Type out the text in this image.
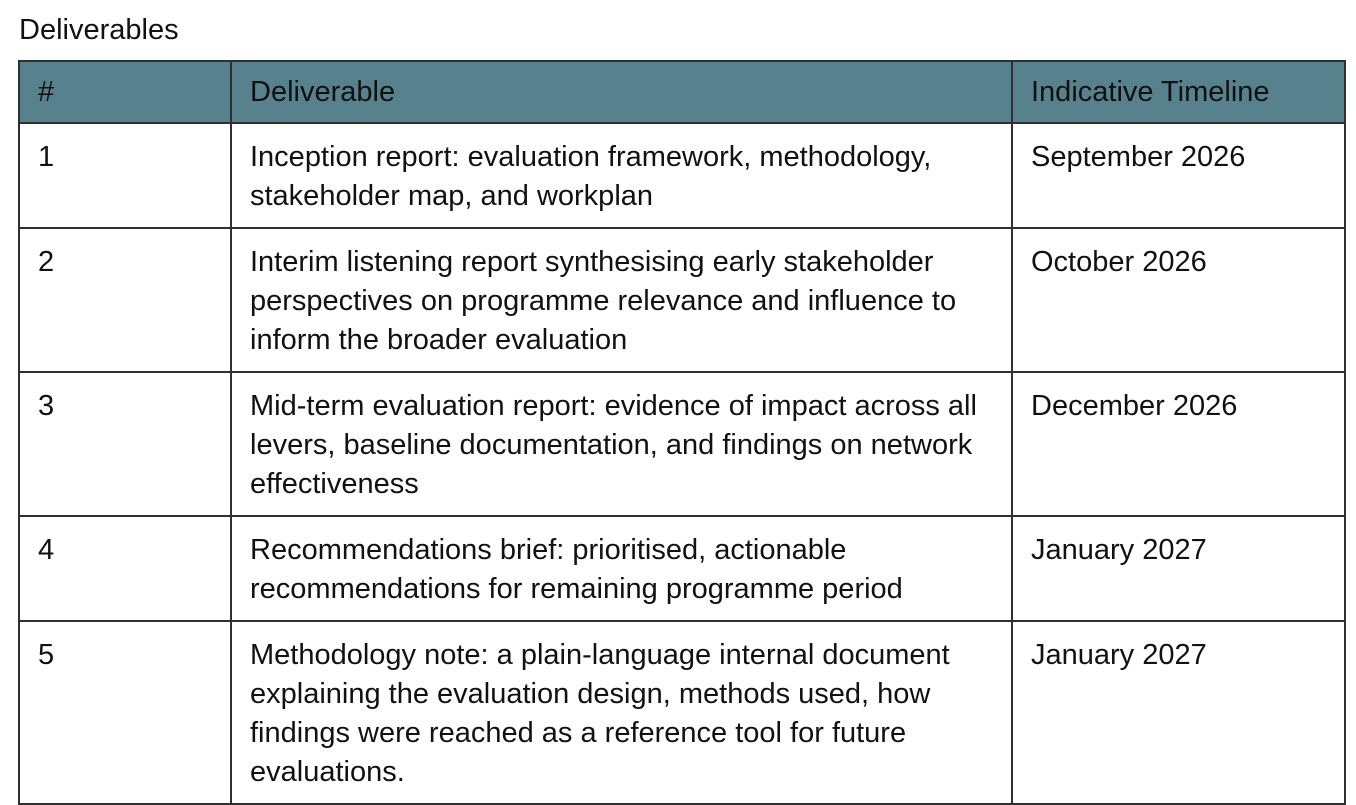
Deliverables
#	Deliverable	Indicative Timeline
1	Inception report: evaluation framework, methodology, stakeholder map, and workplan	September 2026
2	Interim listening report synthesising early stakeholder perspectives on programme relevance and influence to inform the broader evaluation	October 2026
3	Mid-term evaluation report: evidence of impact across all levers, baseline documentation, and findings on network effectiveness	December 2026
4	Recommendations brief: prioritised, actionable recommendations for remaining programme period	January 2027
5	Methodology note: a plain-language internal document explaining the evaluation design, methods used, how findings were reached as a reference tool for future evaluations.	January 2027
